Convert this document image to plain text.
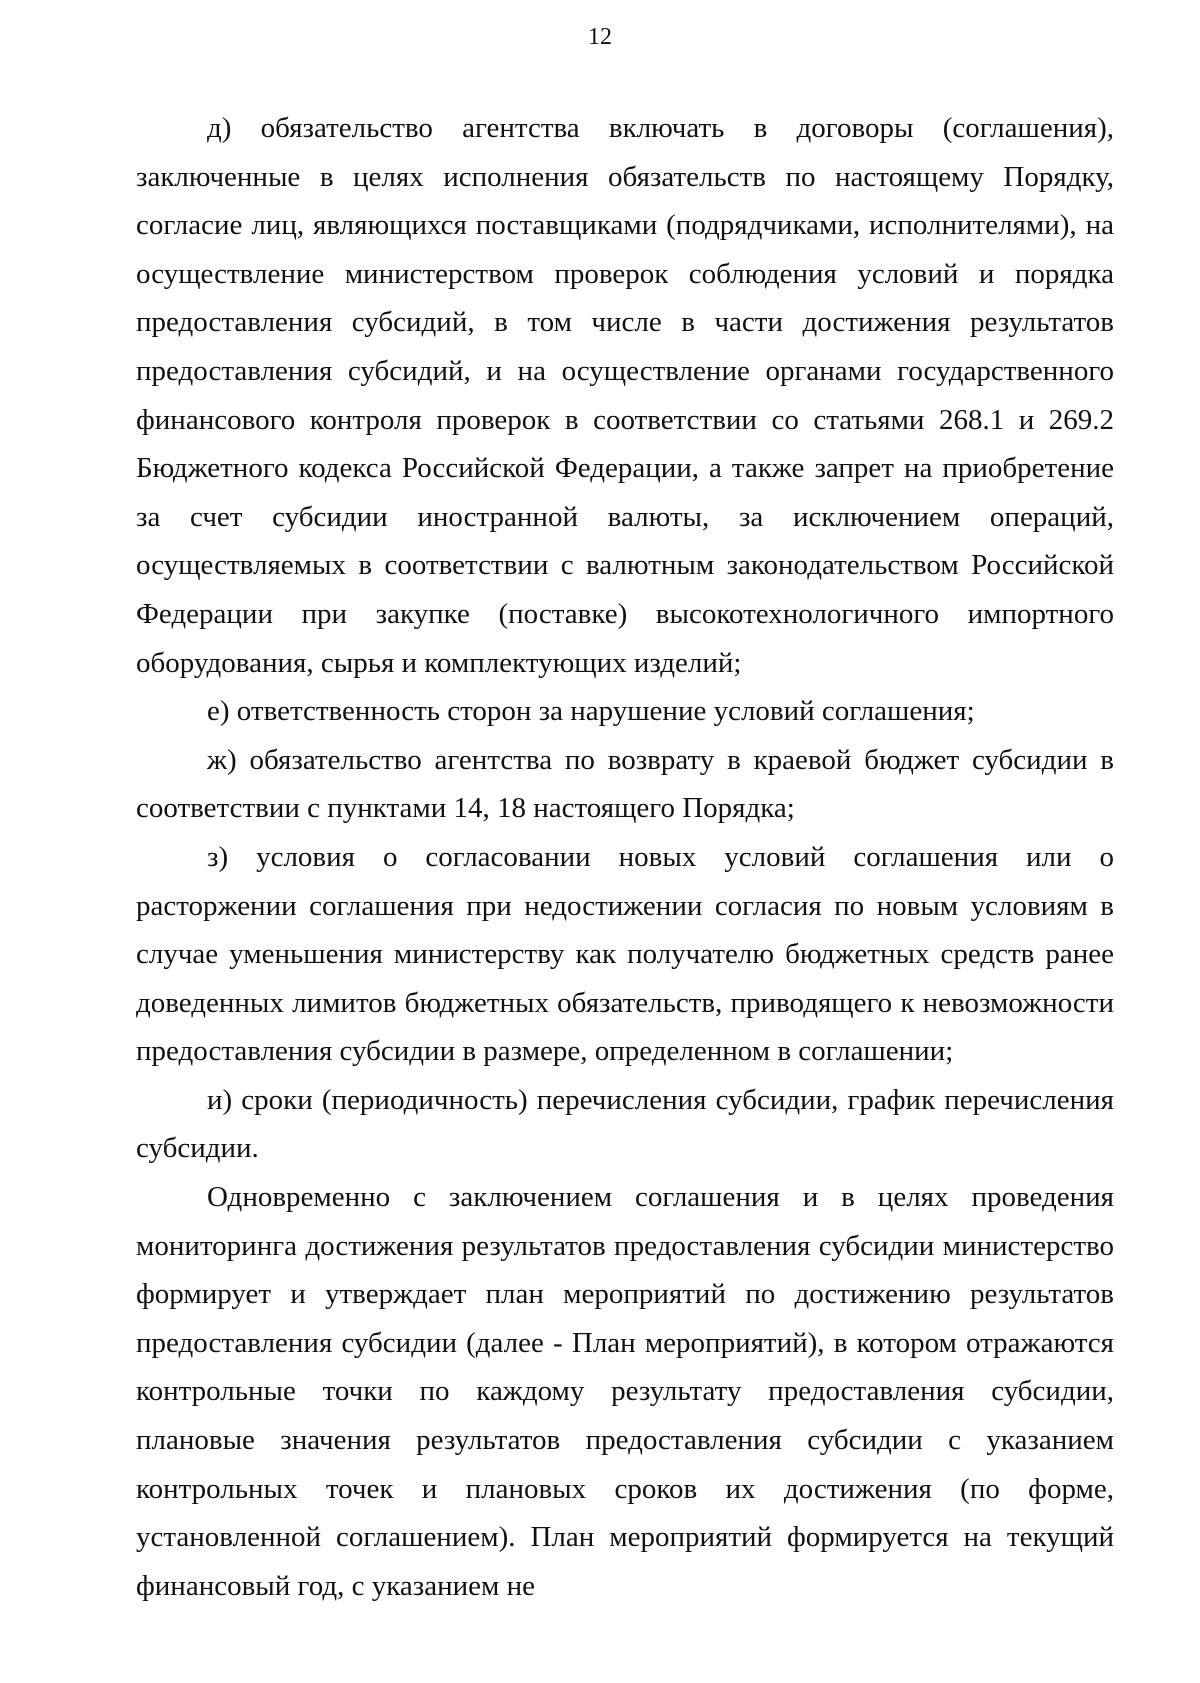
12

д) обязательство агентства включать в договоры (соглашения), заключенные в целях исполнения обязательств по настоящему Порядку, согласие лиц, являющихся поставщиками (подрядчиками, исполнителями), на осуществление министерством проверок соблюдения условий и порядка предоставления субсидий, в том числе в части достижения результатов предоставления субсидий, и на осуществление органами государственного финансового контроля проверок в соответствии со статьями 268.1 и 269.2 Бюджетного кодекса Российской Федерации, а также запрет на приобретение за счет субсидии иностранной валюты, за исключением операций, осуществляемых в соответствии с валютным законодательством Российской Федерации при закупке (поставке) высокотехнологичного импортного оборудования, сырья и комплектующих изделий;

е) ответственность сторон за нарушение условий соглашения;

ж) обязательство агентства по возврату в краевой бюджет субсидии в соответствии с пунктами 14, 18 настоящего Порядка;

з) условия о согласовании новых условий соглашения или о расторжении соглашения при недостижении согласия по новым условиям в случае уменьшения министерству как получателю бюджетных средств ранее доведенных лимитов бюджетных обязательств, приводящего к невозможности предоставления субсидии в размере, определенном в соглашении;

и) сроки (периодичность) перечисления субсидии, график перечисления субсидии.

Одновременно с заключением соглашения и в целях проведения мониторинга достижения результатов предоставления субсидии министерство формирует и утверждает план мероприятий по достижению результатов предоставления субсидии (далее - План мероприятий), в котором отражаются контрольные точки по каждому результату предоставления субсидии, плановые значения результатов предоставления субсидии с указанием контрольных точек и плановых сроков их достижения (по форме, установленной соглашением). План мероприятий формируется на текущий финансовый год, с указанием не
